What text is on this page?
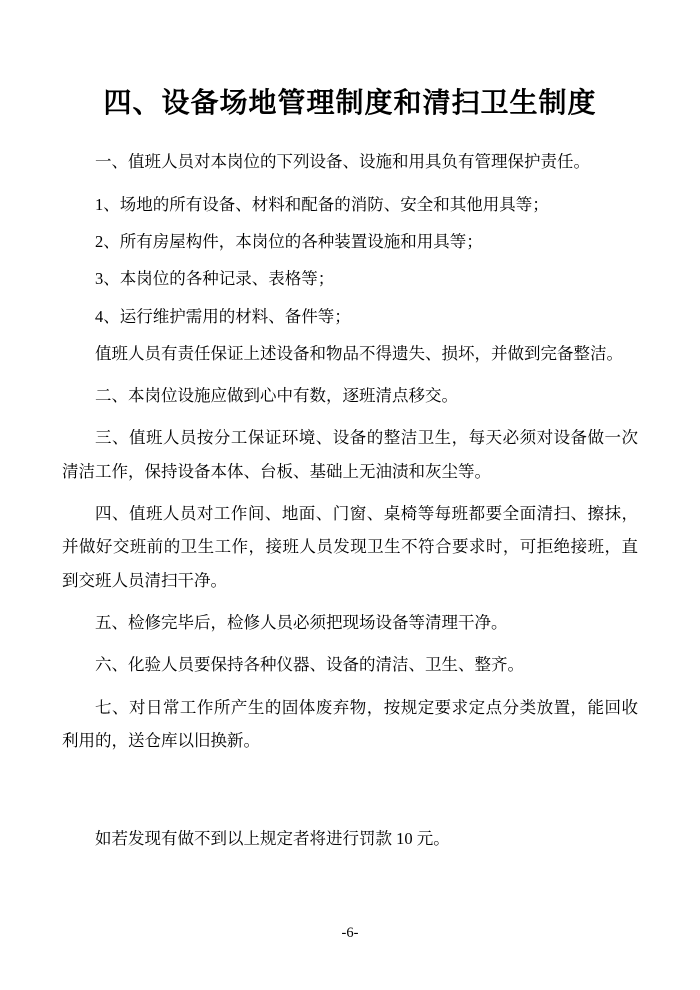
四、设备场地管理制度和清扫卫生制度

一、值班人员对本岗位的下列设备、设施和用具负有管理保护责任。

1、场地的所有设备、材料和配备的消防、安全和其他用具等；

2、所有房屋构件，本岗位的各种装置设施和用具等；

3、本岗位的各种记录、表格等；

4、运行维护需用的材料、备件等；

值班人员有责任保证上述设备和物品不得遗失、损坏，并做到完备整洁。

二、本岗位设施应做到心中有数，逐班清点移交。

三、值班人员按分工保证环境、设备的整洁卫生，每天必须对设备做一次清洁工作，保持设备本体、台板、基础上无油渍和灰尘等。

四、值班人员对工作间、地面、门窗、桌椅等每班都要全面清扫、擦抹，并做好交班前的卫生工作，接班人员发现卫生不符合要求时，可拒绝接班，直到交班人员清扫干净。

五、检修完毕后，检修人员必须把现场设备等清理干净。

六、化验人员要保持各种仪器、设备的清洁、卫生、整齐。

七、对日常工作所产生的固体废弃物，按规定要求定点分类放置，能回收利用的，送仓库以旧换新。

如若发现有做不到以上规定者将进行罚款 10 元。

-6-
